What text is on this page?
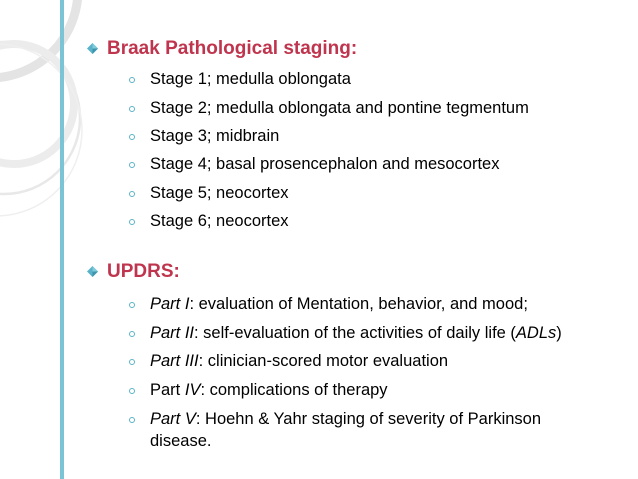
Braak Pathological staging:
Stage 1; medulla oblongata
Stage 2; medulla oblongata and pontine tegmentum
Stage 3; midbrain
Stage 4; basal prosencephalon and mesocortex
Stage 5; neocortex
Stage 6; neocortex
UPDRS:
Part I: evaluation of Mentation, behavior, and mood;
Part II: self-evaluation of the activities of daily life (ADLs)
Part III: clinician-scored motor evaluation
Part IV: complications of therapy
Part V: Hoehn & Yahr staging of severity of Parkinson
disease.
